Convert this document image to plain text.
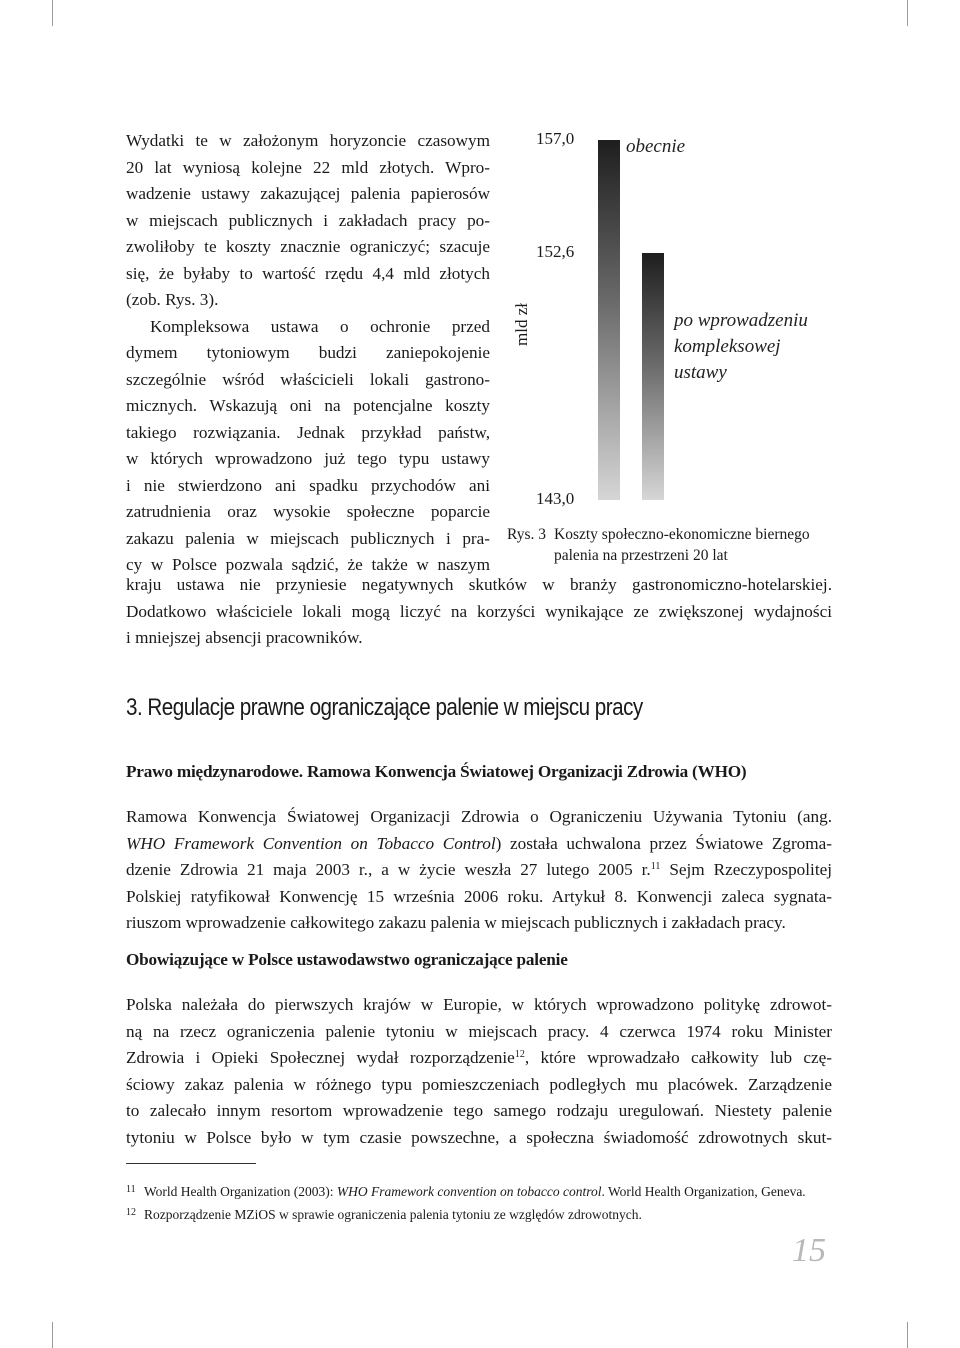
Wydatki te w założonym horyzoncie czasowym
20 lat wyniosą kolejne 22 mld złotych. Wpro-
wadzenie ustawy zakazującej palenia papierosów
w miejscach publicznych i zakładach pracy po-
zwoliłoby te koszty znacznie ograniczyć; szacuje
się, że byłaby to wartość rzędu 4,4 mld złotych
(zob. Rys. 3).
Kompleksowa ustawa o ochronie przed
dymem tytoniowym budzi zaniepokojenie
szczególnie wśród właścicieli lokali gastrono-
micznych. Wskazują oni na potencjalne koszty
takiego rozwiązania. Jednak przykład państw,
w których wprowadzono już tego typu ustawy
i nie stwierdzono ani spadku przychodów ani
zatrudnienia oraz wysokie społeczne poparcie
zakazu palenia w miejscach publicznych i pra-
cy w Polsce pozwala sądzić, że także w naszym
kraju ustawa nie przyniesie negatywnych skutków w branży gastronomiczno-hotelarskiej.
Dodatkowo właściciele lokali mogą liczyć na korzyści wynikające ze zwiększonej wydajności
i mniejszej absencji pracowników.
mld zł
157,0
152,6
143,0
obecnie
po wprowadzeniu
kompleksowej
ustawy
Rys. 3 Koszty społeczno-ekonomiczne biernego
palenia na przestrzeni 20 lat
3. Regulacje prawne ograniczające palenie w miejscu pracy
Prawo międzynarodowe. Ramowa Konwencja Światowej Organizacji Zdrowia (WHO)
Ramowa Konwencja Światowej Organizacji Zdrowia o Ograniczeniu Używania Tytoniu (ang.
WHO Framework Convention on Tobacco Control) została uchwalona przez Światowe Zgroma-
dzenie Zdrowia 21 maja 2003 r., a w życie weszła 27 lutego 2005 r.$^{11}$ Sejm Rzeczypospolitej
Polskiej ratyfikował Konwencję 15 września 2006 roku. Artykuł 8. Konwencji zaleca sygnata-
riuszom wprowadzenie całkowitego zakazu palenia w miejscach publicznych i zakładach pracy.
Obowiązujące w Polsce ustawodawstwo ograniczające palenie
Polska należała do pierwszych krajów w Europie, w których wprowadzono politykę zdrowot-
ną na rzecz ograniczenia palenie tytoniu w miejscach pracy. 4 czerwca 1974 roku Minister
Zdrowia i Opieki Społecznej wydał rozporządzenie$^{12}$, które wprowadzało całkowity lub czę-
ściowy zakaz palenia w różnego typu pomieszczeniach podległych mu placówek. Zarządzenie
to zalecało innym resortom wprowadzenie tego samego rodzaju uregulowań. Niestety palenie
tytoniu w Polsce było w tym czasie powszechne, a społeczna świadomość zdrowotnych skut-
11 World Health Organization (2003): WHO Framework convention on tobacco control. World Health Organization, Geneva.
12 Rozporządzenie MZiOS w sprawie ograniczenia palenia tytoniu ze względów zdrowotnych.
15
